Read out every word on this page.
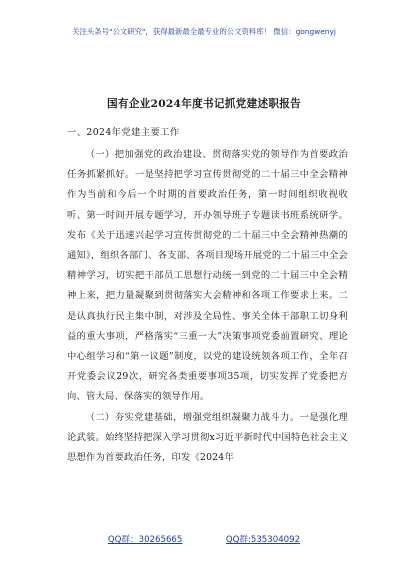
关注头条号"公文研究"，获得最新最全最专业的公文资料库！ 微信：gongwenyj
国有企业2024年度书记抓党建述职报告
一、2024年党建主要工作

（一）把加强党的政治建设、贯彻落实党的领导作为首要政治任务抓紧抓好。一是坚持把学习宣传贯彻党的二十届三中全会精神作为当前和今后一个时期的首要政治任务，第一时间组织收视收听、第一时间开展专题学习，开办领导班子专题读书班系统研学。发布《关于迅速兴起学习宣传贯彻党的二十届三中全会精神热潮的通知》，组织各部门、各支部、各项目现场开展党的二十届三中全会精神学习，切实把干部员工思想行动统一到党的二十届三中全会精神上来，把力量凝聚到贯彻落实大会精神和各项工作要求上来。二是认真执行民主集中制，对涉及全局性、事关全体干部职工切身利益的重大事项，严格落实“三重一大”决策事项党委前置研究、理论中心组学习和“第一议题”制度，以党的建设统领各项工作，全年召开党委会议29次，研究各类重要事项35项，切实发挥了党委把方向、管大局、保落实的领导作用。

（二）夯实党建基础，增强党组织凝聚力战斗力。一是强化理论武装。始终坚持把深入学习贯彻x习近平新时代中国特色社会主义思想作为首要政治任务，印发《2024年

QQ群：30265665	QQ群:535304092
